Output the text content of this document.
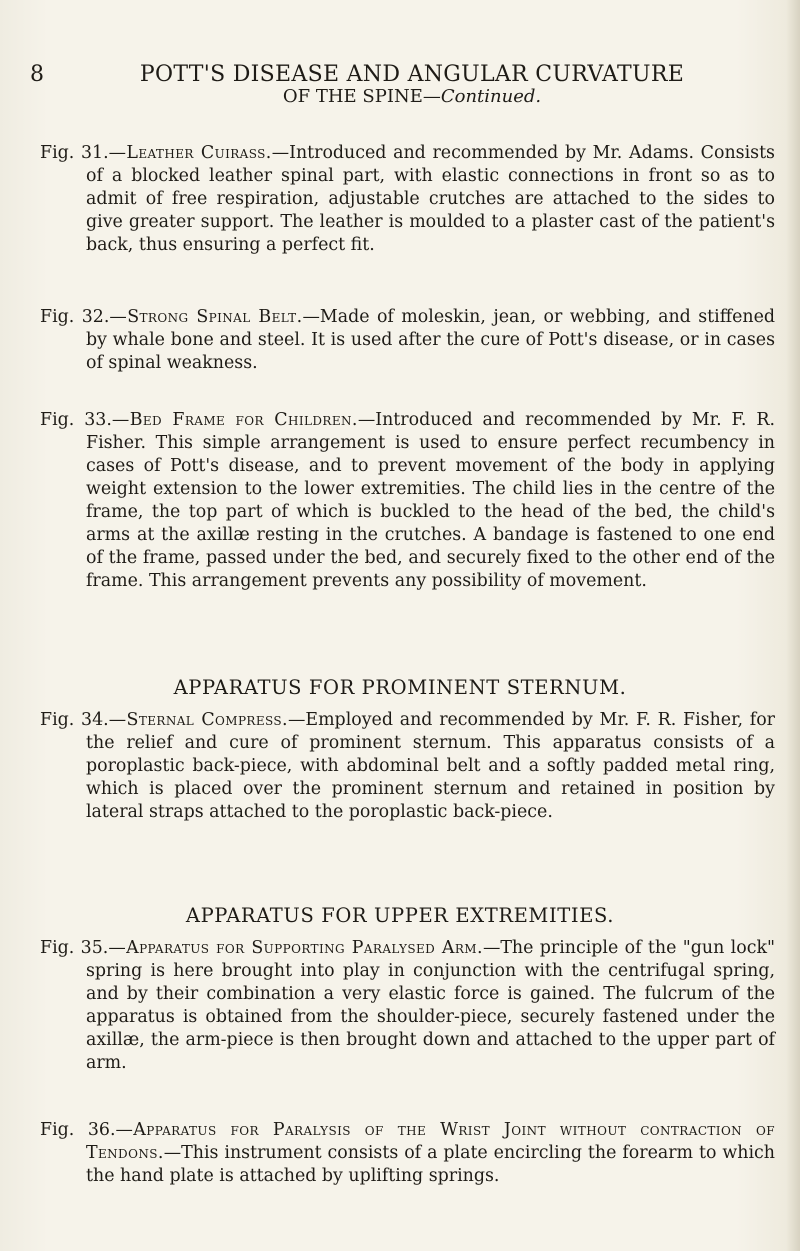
8	POTT'S DISEASE AND ANGULAR CURVATURE
OF THE SPINE—Continued.

Fig. 31.—Leather Cuirass.—Introduced and recommended by Mr. Adams. Consists of a blocked leather spinal part, with elastic connections in front so as to admit of free respiration, adjustable crutches are attached to the sides to give greater support. The leather is moulded to a plaster cast of the patient's back, thus ensuring a perfect fit.

Fig. 32.—Strong Spinal Belt.—Made of moleskin, jean, or webbing, and stiffened by whale bone and steel. It is used after the cure of Pott's disease, or in cases of spinal weakness.

Fig. 33.—Bed Frame for Children.—Introduced and recommended by Mr. F. R. Fisher. This simple arrangement is used to ensure perfect recumbency in cases of Pott's disease, and to prevent movement of the body in applying weight extension to the lower extremities. The child lies in the centre of the frame, the top part of which is buckled to the head of the bed, the child's arms at the axillæ resting in the crutches. A bandage is fastened to one end of the frame, passed under the bed, and securely fixed to the other end of the frame. This arrangement prevents any possibility of movement.

APPARATUS FOR PROMINENT STERNUM.

Fig. 34.—Sternal Compress.—Employed and recommended by Mr. F. R. Fisher, for the relief and cure of prominent sternum. This apparatus consists of a poroplastic back-piece, with abdominal belt and a softly padded metal ring, which is placed over the prominent sternum and retained in position by lateral straps attached to the poroplastic back-piece.

APPARATUS FOR UPPER EXTREMITIES.

Fig. 35.—Apparatus for Supporting Paralysed Arm.—The principle of the "gun lock" spring is here brought into play in conjunction with the centrifugal spring, and by their combination a very elastic force is gained. The fulcrum of the apparatus is obtained from the shoulder-piece, securely fastened under the axillæ, the arm-piece is then brought down and attached to the upper part of arm.

Fig. 36.—Apparatus for Paralysis of the Wrist Joint without contraction of Tendons.—This instrument consists of a plate encircling the forearm to which the hand plate is attached by uplifting springs.
